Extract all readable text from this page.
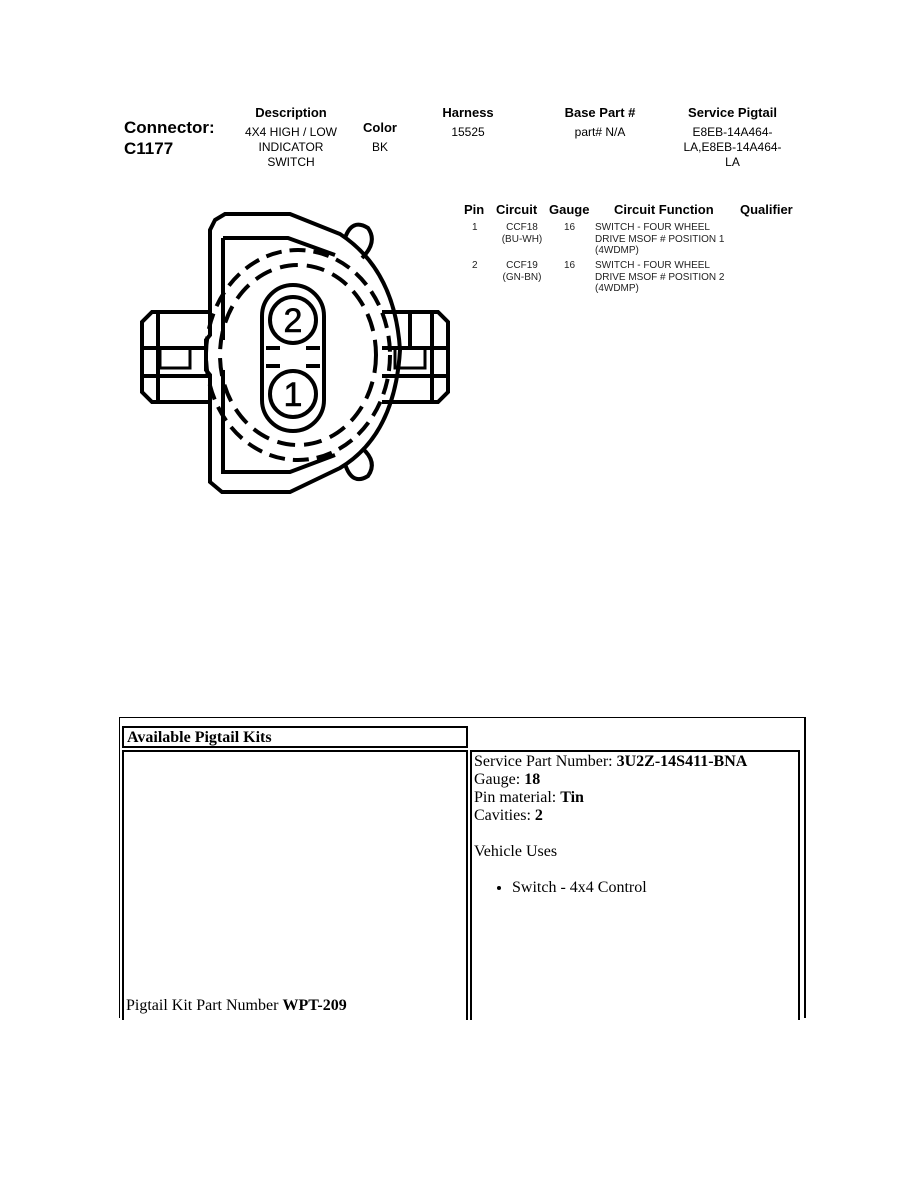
Connector:
C1177
Description
4X4 HIGH / LOW
INDICATOR
SWITCH
Color
BK
Harness
15525
Base Part #
part# N/A
Service Pigtail
E8EB-14A464-
LA,E8EB-14A464-
LA
Pin Circuit Gauge Circuit Function Qualifier
1	CCF18
(BU-WH)
16 SWITCH - FOUR WHEEL
DRIVE MSOF # POSITION 1
(4WDMP)
2	CCF19
(GN-BN)
16 SWITCH - FOUR WHEEL
DRIVE MSOF # POSITION 2
(4WDMP)
2
1
Available Pigtail Kits
Pigtail Kit Part Number WPT-209
Service Part Number: 3U2Z-14S411-BNA
Gauge: 18
Pin material: Tin
Cavities: 2
Vehicle Uses
• Switch - 4x4 Control
